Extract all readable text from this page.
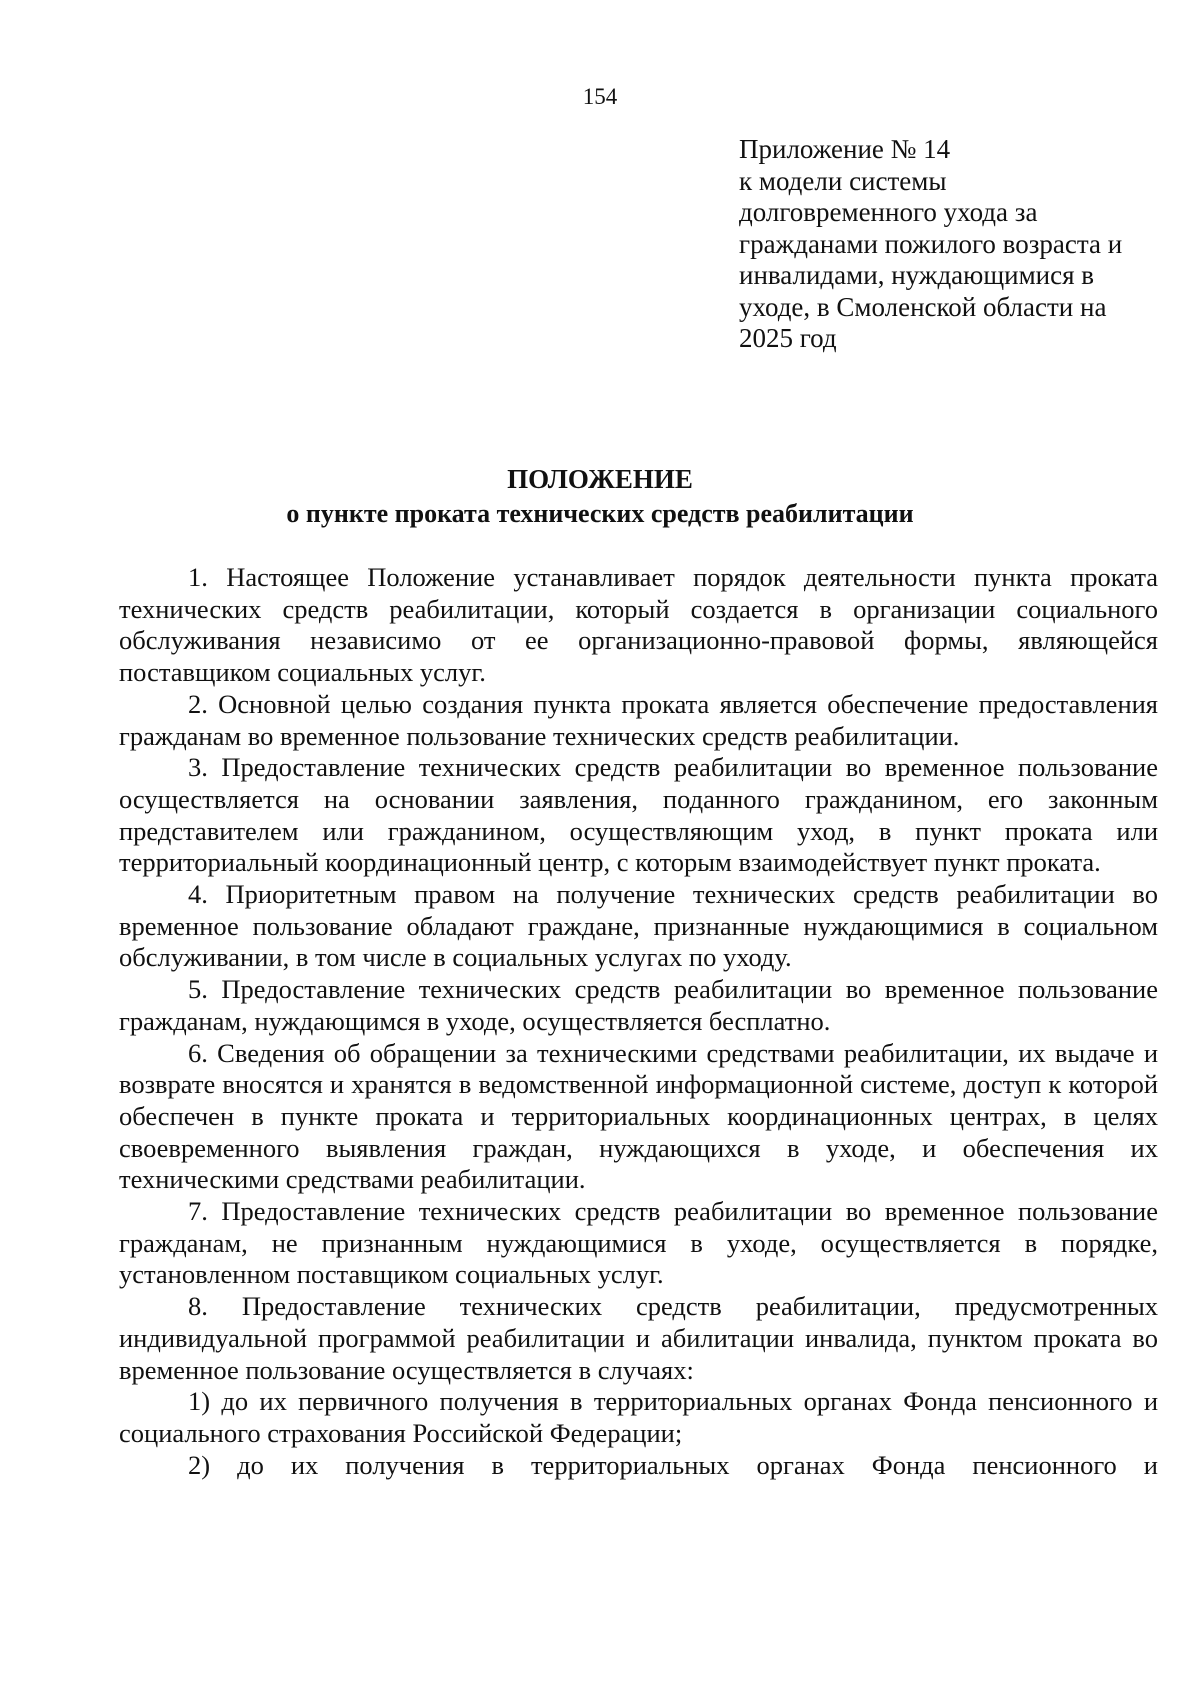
154
Приложение № 14
к модели системы
долговременного ухода за
гражданами пожилого возраста и
инвалидами, нуждающимися в
уходе, в Смоленской области на
2025 год
ПОЛОЖЕНИЕ
о пункте проката технических средств реабилитации

1. Настоящее Положение устанавливает порядок деятельности пункта проката технических средств реабилитации, который создается в организации социального обслуживания независимо от ее организационно-правовой формы, являющейся поставщиком социальных услуг.

2. Основной целью создания пункта проката является обеспечение предоставления гражданам во временное пользование технических средств реабилитации.

3. Предоставление технических средств реабилитации во временное пользование осуществляется на основании заявления, поданного гражданином, его законным представителем или гражданином, осуществляющим уход, в пункт проката или территориальный координационный центр, с которым взаимодействует пункт проката.

4. Приоритетным правом на получение технических средств реабилитации во временное пользование обладают граждане, признанные нуждающимися в социальном обслуживании, в том числе в социальных услугах по уходу.

5. Предоставление технических средств реабилитации во временное пользование гражданам, нуждающимся в уходе, осуществляется бесплатно.

6. Сведения об обращении за техническими средствами реабилитации, их выдаче и возврате вносятся и хранятся в ведомственной информационной системе, доступ к которой обеспечен в пункте проката и территориальных координационных центрах, в целях своевременного выявления граждан, нуждающихся в уходе, и обеспечения их техническими средствами реабилитации.

7. Предоставление технических средств реабилитации во временное пользование гражданам, не признанным нуждающимися в уходе, осуществляется в порядке, установленном поставщиком социальных услуг.

8. Предоставление технических средств реабилитации, предусмотренных индивидуальной программой реабилитации и абилитации инвалида, пунктом проката во временное пользование осуществляется в случаях:

1) до их первичного получения в территориальных органах Фонда пенсионного и социального страхования Российской Федерации;

2) до их получения в территориальных органах Фонда пенсионного и
